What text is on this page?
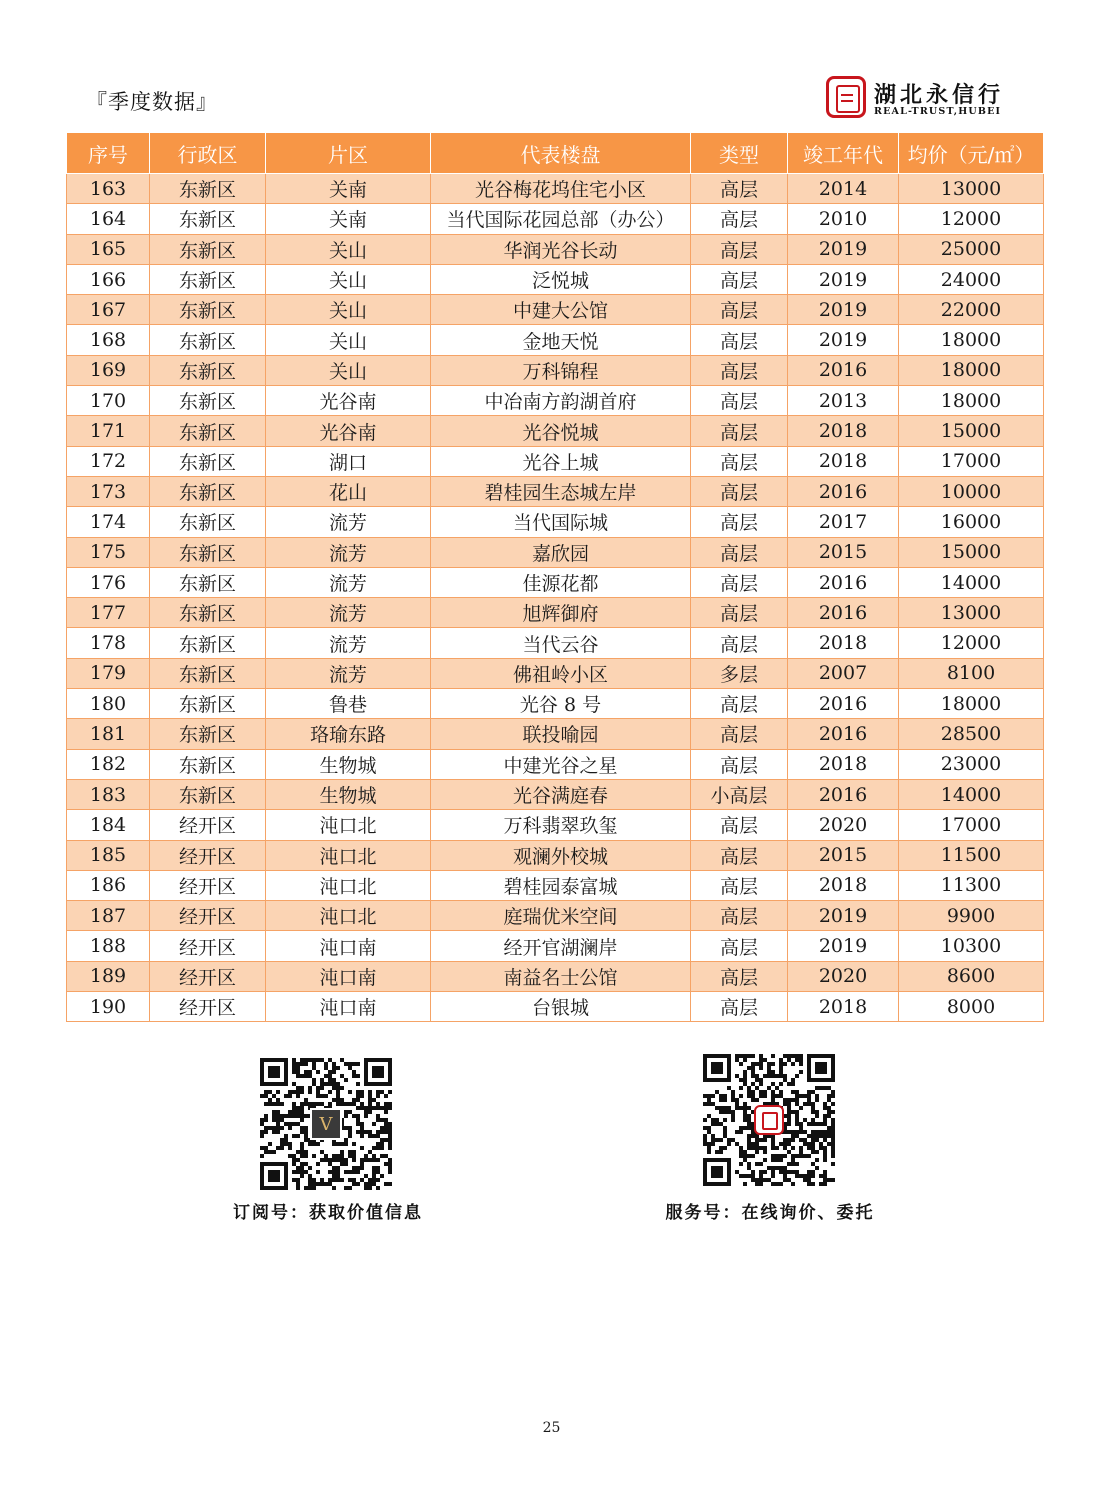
『季度数据』	湖北永信行
REAL-TRUST,HUBEI
序号	行政区	片区	代表楼盘	类型	竣工年代	均价（元/㎡）
163	东新区	关南	光谷梅花坞住宅小区	高层	2014	13000
164	东新区	关南	当代国际花园总部（办公）	高层	2010	12000
165	东新区	关山	华润光谷长动	高层	2019	25000
166	东新区	关山	泛悦城	高层	2019	24000
167	东新区	关山	中建大公馆	高层	2019	22000
168	东新区	关山	金地天悦	高层	2019	18000
169	东新区	关山	万科锦程	高层	2016	18000
170	东新区	光谷南	中冶南方韵湖首府	高层	2013	18000
171	东新区	光谷南	光谷悦城	高层	2018	15000
172	东新区	湖口	光谷上城	高层	2018	17000
173	东新区	花山	碧桂园生态城左岸	高层	2016	10000
174	东新区	流芳	当代国际城	高层	2017	16000
175	东新区	流芳	嘉欣园	高层	2015	15000
176	东新区	流芳	佳源花都	高层	2016	14000
177	东新区	流芳	旭辉御府	高层	2016	13000
178	东新区	流芳	当代云谷	高层	2018	12000
179	东新区	流芳	佛祖岭小区	多层	2007	8100
180	东新区	鲁巷	光谷 8 号	高层	2016	18000
181	东新区	珞瑜东路	联投喻园	高层	2016	28500
182	东新区	生物城	中建光谷之星	高层	2018	23000
183	东新区	生物城	光谷满庭春	小高层	2016	14000
184	经开区	沌口北	万科翡翠玖玺	高层	2020	17000
185	经开区	沌口北	观澜外校城	高层	2015	11500
186	经开区	沌口北	碧桂园泰富城	高层	2018	11300
187	经开区	沌口北	庭瑞优米空间	高层	2019	9900
188	经开区	沌口南	经开官湖澜岸	高层	2019	10300
189	经开区	沌口南	南益名士公馆	高层	2020	8600
190	经开区	沌口南	台银城	高层	2018	8000
V
订阅号：获取价值信息	服务号：在线询价、委托
25
